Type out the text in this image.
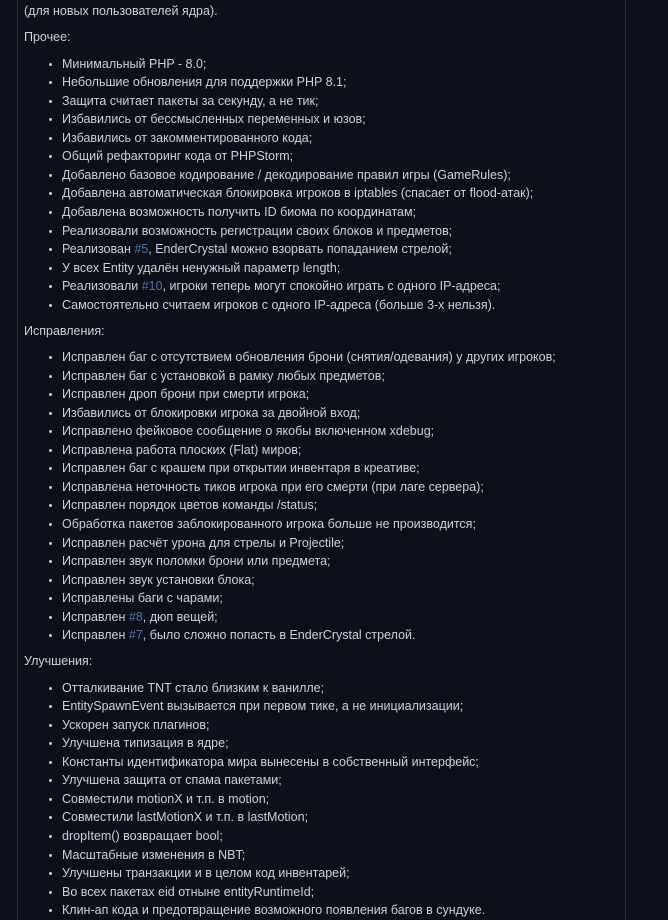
(для новых пользователей ядра).

Прочее:

• Минимальный PHP - 8.0;
• Небольшие обновления для поддержки PHP 8.1;
• Защита считает пакеты за секунду, а не тик;
• Избавились от бессмысленных переменных и юзов;
• Избавились от закомментированного кода;
• Общий рефакторинг кода от PHPStorm;
• Добавлено базовое кодирование / декодирование правил игры (GameRules);
• Добавлена автоматическая блокировка игроков в iptables (спасает от flood-атак);
• Добавлена возможность получить ID биома по координатам;
• Реализовали возможность регистрации своих блоков и предметов;
• Реализован #5, EnderCrystal можно взорвать попаданием стрелой;
• У всех Entity удалён ненужный параметр length;
• Реализовали #10, игроки теперь могут спокойно играть с одного IP-адреса;
• Самостоятельно считаем игроков с одного IP-адреса (больше 3-х нельзя).

Исправления:

• Исправлен баг с отсутствием обновления брони (снятия/одевания) у других игроков;
• Исправлен баг с установкой в рамку любых предметов;
• Исправлен дроп брони при смерти игрока;
• Избавились от блокировки игрока за двойной вход;
• Исправлено фейковое сообщение о якобы включенном xdebug;
• Исправлена работа плоских (Flat) миров;
• Исправлен баг с крашем при открытии инвентаря в креативе;
• Исправлена неточность тиков игрока при его смерти (при лаге сервера);
• Исправлен порядок цветов команды /status;
• Обработка пакетов заблокированного игрока больше не производится;
• Исправлен расчёт урона для стрелы и Projectile;
• Исправлен звук поломки брони или предмета;
• Исправлен звук установки блока;
• Исправлены баги с чарами;
• Исправлен #8, дюп вещей;
• Исправлен #7, было сложно попасть в EnderCrystal стрелой.

Улучшения:

• Отталкивание TNT стало близким к ванилле;
• EntitySpawnEvent вызывается при первом тике, а не инициализации;
• Ускорен запуск плагинов;
• Улучшена типизация в ядре;
• Константы идентификатора мира вынесены в собственный интерфейс;
• Улучшена защита от спама пакетами;
• Совместили motionX и т.п. в motion;
• Совместили lastMotionX и т.п. в lastMotion;
• dropItem() возвращает bool;
• Масштабные изменения в NBT;
• Улучшены транзакции и в целом код инвентарей;
• Во всех пакетах eid отныне entityRuntimeId;
• Клин-ап кода и предотвращение возможного появления багов в сундуке.
